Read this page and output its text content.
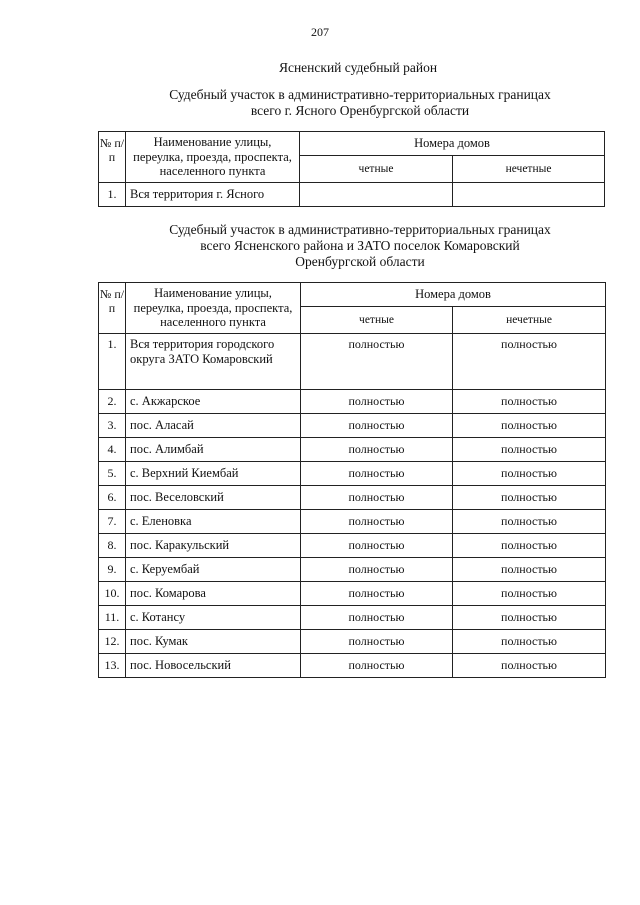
207
Ясненский судебный район
Судебный участок в административно-территориальных границах
всего г. Ясного Оренбургской области
№ п/п	Наименование улицы, переулка, проезда, проспекта, населенного пункта	Номера домов	
		четные	нечетные
1.	Вся территория г. Ясного		
Судебный участок в административно-территориальных границах
всего Ясненского района и ЗАТО поселок Комаровский
Оренбургской области
№ п/п	Наименование улицы, переулка, проезда, проспекта, населенного пункта	Номера домов	
		четные	нечетные
1.	Вся территория городского округа ЗАТО Комаровский	полностью	полностью
2.	с. Акжарское	полностью	полностью
3.	пос. Аласай	полностью	полностью
4.	пос. Алимбай	полностью	полностью
5.	с. Верхний Киембай	полностью	полностью
6.	пос. Веселовский	полностью	полностью
7.	с. Еленовка	полностью	полностью
8.	пос. Каракульский	полностью	полностью
9.	с. Керуембай	полностью	полностью
10.	пос. Комарова	полностью	полностью
11.	с. Котансу	полностью	полностью
12.	пос. Кумак	полностью	полностью
13.	пос. Новосельский	полностью	полностью
